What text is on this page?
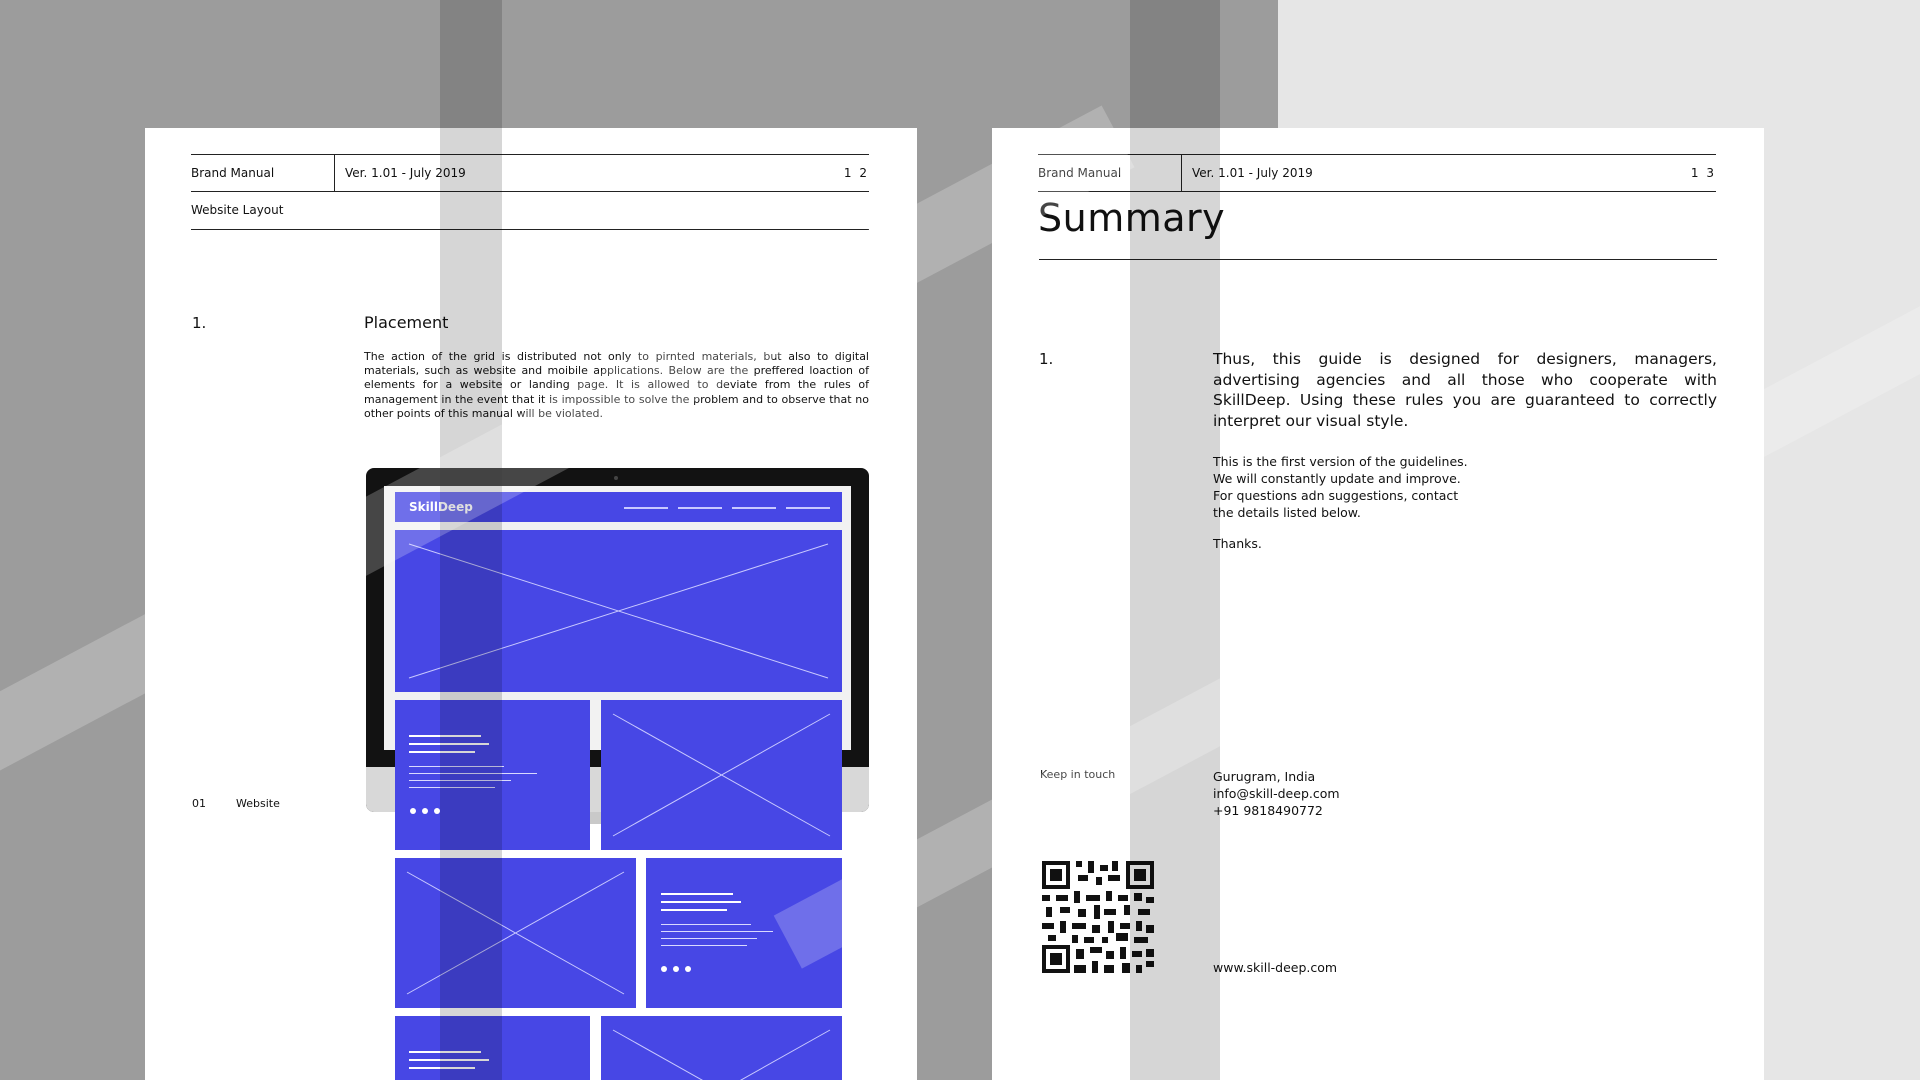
Brand Manual	Ver. 1.01 - July 2019	1 2
Website Layout
1.	Placement
The action of the grid is distributed not only to pirnted materials, but also to digital materials, such as website and moibile applications. Below are the preffered loaction of elements for a website or landing page. It is allowed to deviate from the rules of management in the event that it is impossible to solve the problem and to observe that no other points of this manual will be violated.
SkillDeep
01	Website
Brand Manual	Ver. 1.01 - July 2019	1 3
Summary
1.	Thus, this guide is designed for designers, managers, advertising agencies and all those who cooperate with SkillDeep. Using these rules you are guaranteed to correctly interpret our visual style.
This is the first version of the guidelines.
We will constantly update and improve.
For questions adn suggestions, contact
the details listed below.
Thanks.
Keep in touch	Gurugram, India
info@skill-deep.com
+91 9818490772
www.skill-deep.com
